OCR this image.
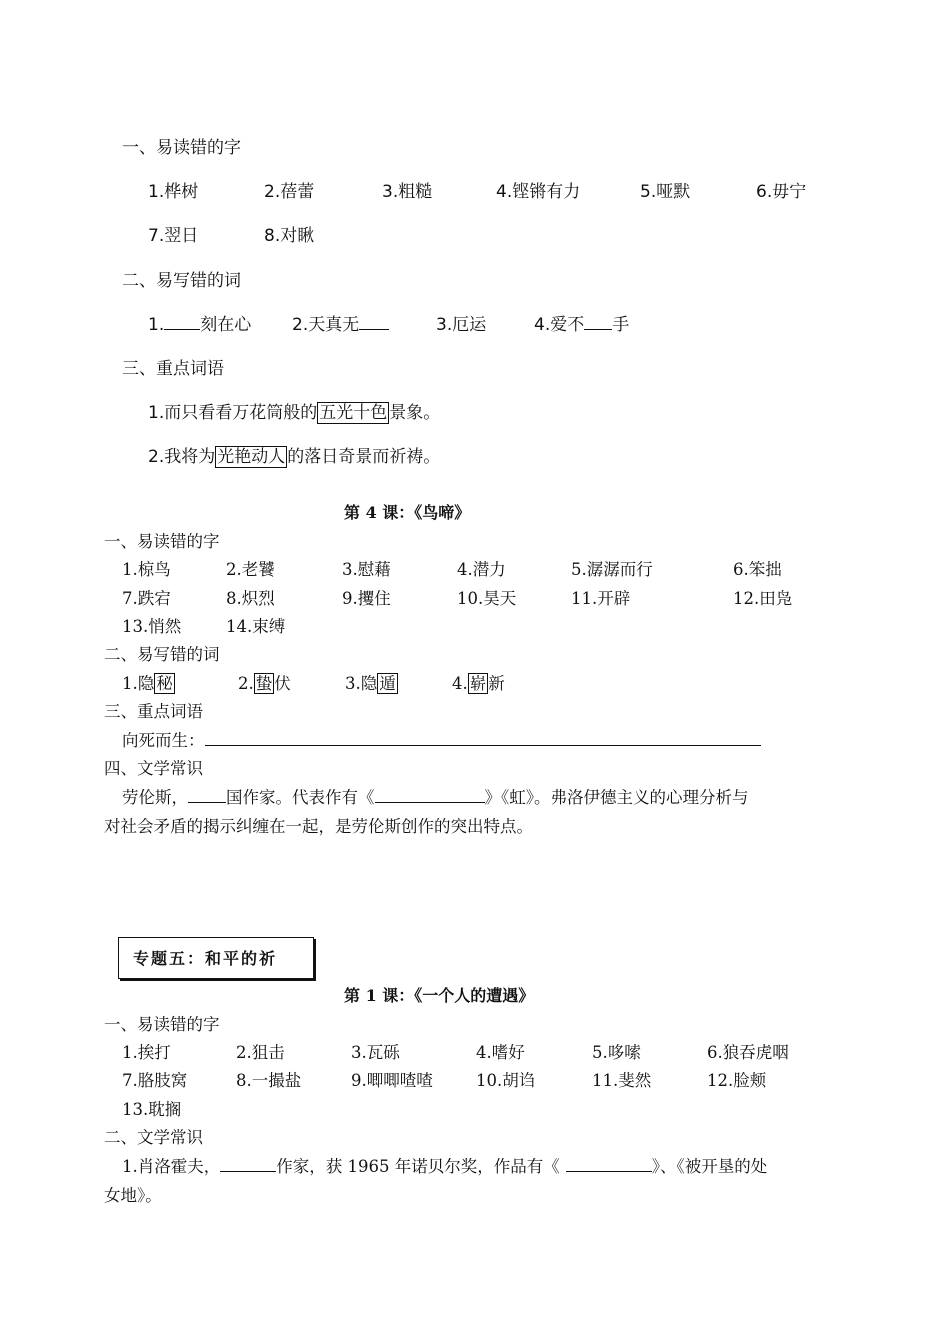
一、易读错的字
1.桦树	2.蓓蕾	3.粗糙	4.铿锵有力	5.哑默	6.毋宁
7.翌日	8.对瞅
二、易写错的词
1. 刻在心 2.天真无	3.厄运	4.爱不 手
三、重点词语
1.而只看看万花筒般的 五光十色 景象。
2.我将为 光艳动人 的落日奇景而祈祷。
第 4 课：《鸟啼》
一、易读错的字
1.椋鸟	2.老饕	3.慰藉	4.潜力	5.潺潺而行	6.笨拙
7.跌宕	8.炽烈	9.攫住	10.昊天	11.开辟	12.田凫
13.悄然	14.束缚
二、易写错的词
1.隐 秘	2. 蛰 伏	3.隐 遁	4. 崭 新
三、重点词语
向死而生：
四、文学常识
劳伦斯， 国作家。代表作有《	》《虹》。弗洛伊德主义的心理分析与
对社会矛盾的揭示纠缠在一起，是劳伦斯创作的突出特点。
专题五：和平的祈
第 1 课：《一个人的遭遇》
一、易读错的字
1.挨打	2.狙击	3.瓦砾	4.嗜好	5.哆嗦	6.狼吞虎咽
7.胳肢窝	8.一撮盐	9.唧唧喳喳	10.胡诌	11.斐然	12.脸颊
13.耽搁
二、文学常识
1.肖洛霍夫，	作家，获 1965 年诺贝尔奖，作品有《	》、《被开垦的处
女地》。
